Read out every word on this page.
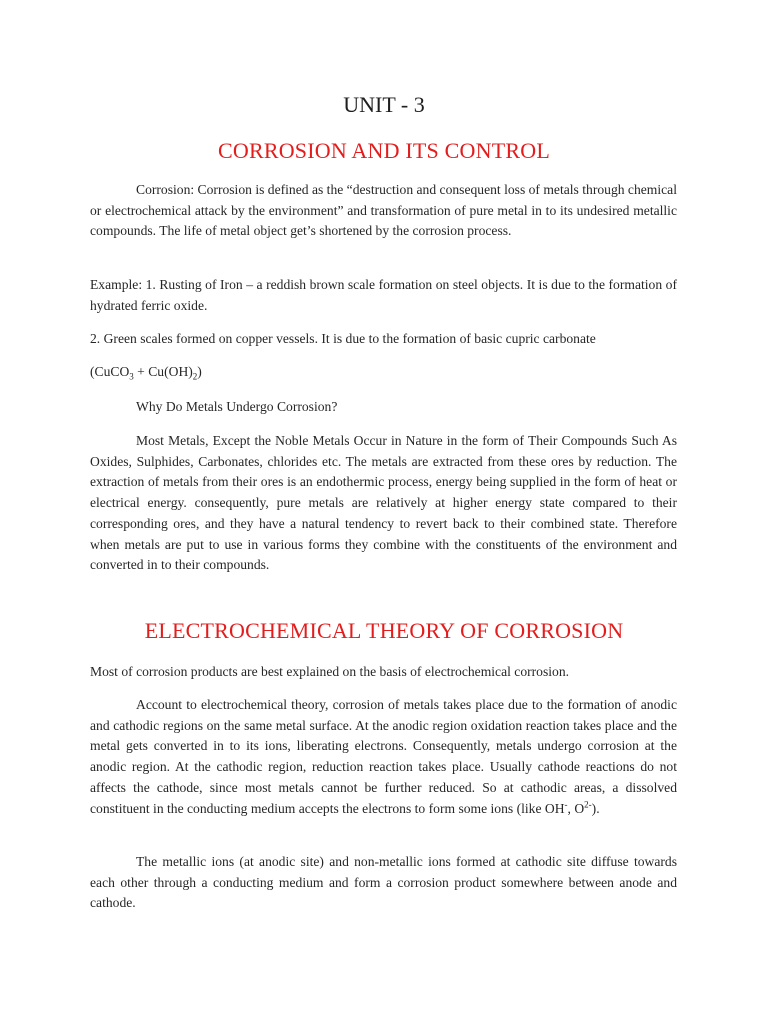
UNIT - 3
CORROSION AND ITS CONTROL

Corrosion: Corrosion is defined as the “destruction and consequent loss of metals through chemical or electrochemical attack by the environment” and transformation of pure metal in to its undesired metallic compounds. The life of metal object get’s shortened by the corrosion process.

Example: 1. Rusting of Iron – a reddish brown scale formation on steel objects. It is due to the formation of hydrated ferric oxide.

2. Green scales formed on copper vessels. It is due to the formation of basic cupric carbonate

(CuCO$_3$ + $Cu(OH)_2$)

Why Do Metals Undergo Corrosion?

Most Metals, Except the Noble Metals Occur in Nature in the form of Their Compounds Such As Oxides, Sulphides, Carbonates, chlorides etc. The metals are extracted from these ores by reduction. The extraction of metals from their ores is an endothermic process, energy being supplied in the form of heat or electrical energy. consequently, pure metals are relatively at higher energy state compared to their corresponding ores, and they have a natural tendency to revert back to their combined state. Therefore when metals are put to use in various forms they combine with the constituents of the environment and converted in to their compounds.

ELECTROCHEMICAL THEORY OF CORROSION

Most of corrosion products are best explained on the basis of electrochemical corrosion.

Account to electrochemical theory, corrosion of metals takes place due to the formation of anodic and cathodic regions on the same metal surface. At the anodic region oxidation reaction takes place and the metal gets converted in to its ions, liberating electrons. Consequently, metals undergo corrosion at the anodic region. At the cathodic region, reduction reaction takes place. Usually cathode reactions do not affects the cathode, since most metals cannot be further reduced. So at cathodic areas, a dissolved constituent in the conducting medium accepts the electrons to form some ions (like OH-, $O^{2-}$).

The metallic ions (at anodic site) and non-metallic ions formed at cathodic site diffuse towards each other through a conducting medium and form a corrosion product somewhere between anode and cathode.
